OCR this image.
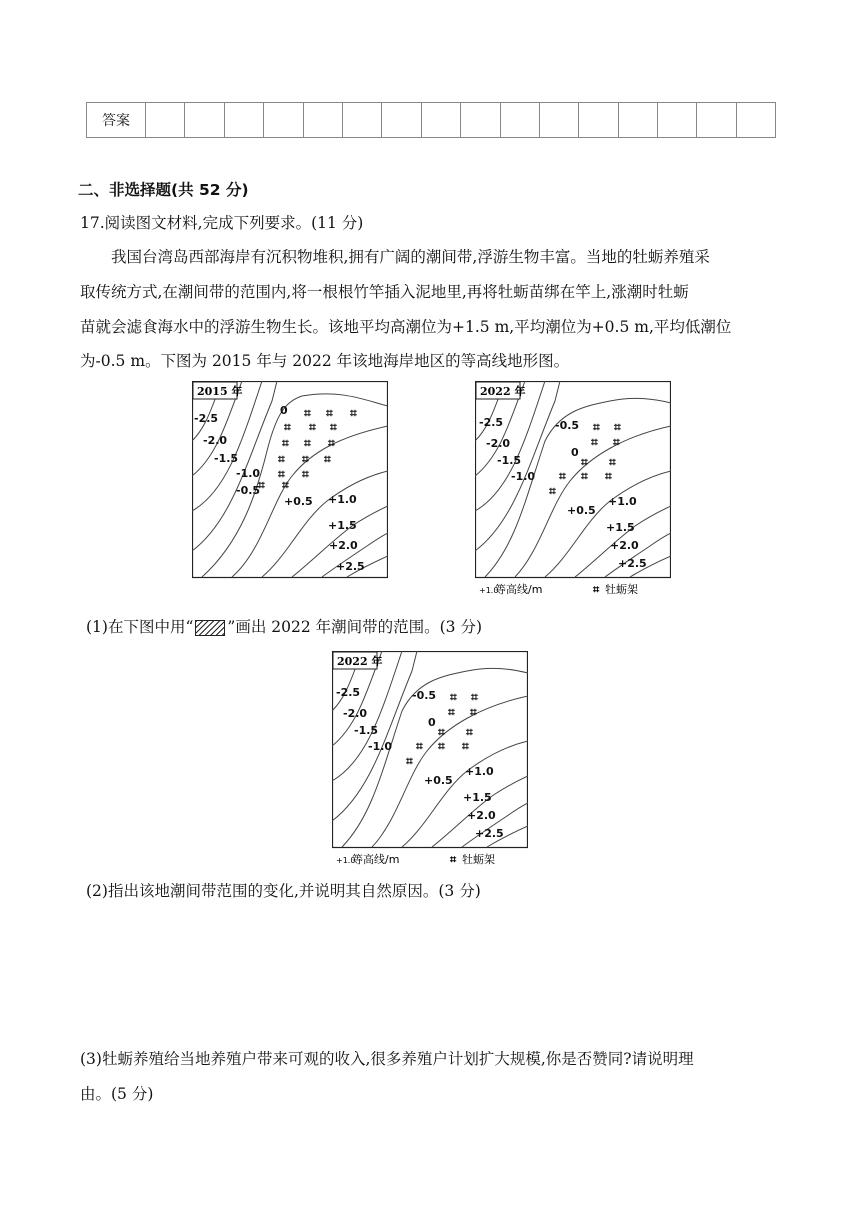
答案																
二、非选择题(共 52 分)
17.阅读图文材料,完成下列要求。(11 分)
我国台湾岛西部海岸有沉积物堆积,拥有广阔的潮间带,浮游生物丰富。当地的牡蛎养殖采
取传统方式,在潮间带的范围内,将一根根竹竿插入泥地里,再将牡蛎苗绑在竿上,涨潮时牡蛎
苗就会滤食海水中的浮游生物生长。该地平均高潮位为+1.5 m,平均潮位为+0.5 m,平均低潮位
为-0.5 m。下图为 2015 年与 2022 年该地海岸地区的等高线地形图。
2015 年
-2.5
-2.0
-1.5
-1.0
-0.5
0
+0.5 +1.0
+1.5
+2.0
+2.5
⌗ ⌗ ⌗
⌗ ⌗ ⌗
⌗ ⌗ ⌗
⌗ ⌗ ⌗
⌗ ⌗
⌗ ⌗
2022 年
-2.5
-2.0
-1.5
-1.0
-0.5
0
+0.5
+1.0
+1.5
+2.0
+2.5
⌗ ⌗
⌗ ⌗
⌗ ⌗
⌗ ⌗ ⌗
⌗
+1.0
等高线/m	⌗ 牡蛎架
(1)在下图中用“ ”画出 2022 年潮间带的范围。(3 分)
2022 年
-2.5
-2.0
-1.5
-1.0
-0.5
0
+0.5
+1.0
+1.5
+2.0
+2.5
⌗ ⌗
⌗ ⌗
⌗ ⌗
⌗ ⌗ ⌗
⌗
+1.0
等高线/m	⌗ 牡蛎架
(2)指出该地潮间带范围的变化,并说明其自然原因。(3 分)
(3)牡蛎养殖给当地养殖户带来可观的收入,很多养殖户计划扩大规模,你是否赞同?请说明理
由。(5 分)
